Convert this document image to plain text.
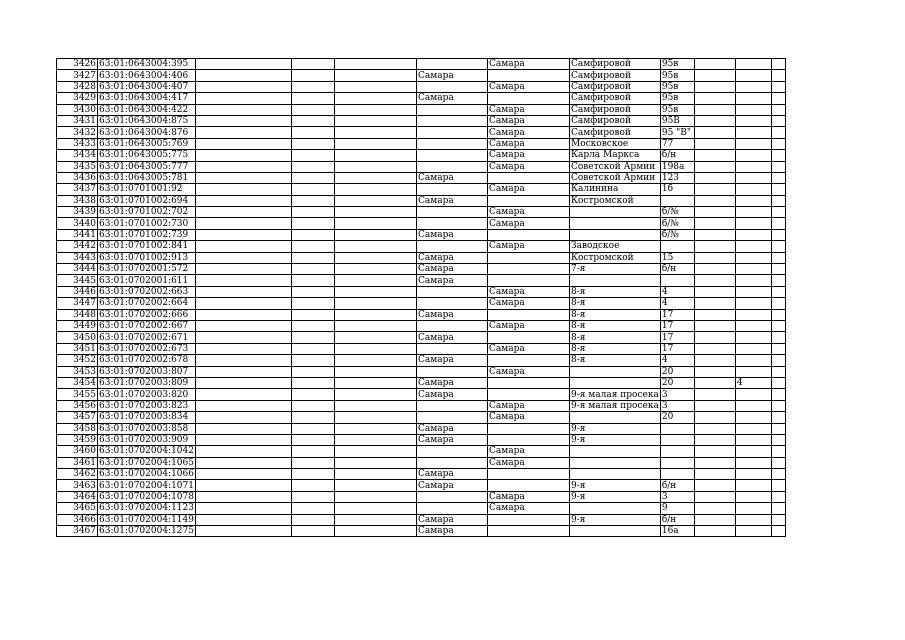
3426	63:01:0643004:395					Самара	Самфировой	95в			
3427	63:01:0643004:406				Самара		Самфировой	95в			
3428	63:01:0643004:407					Самара	Самфировой	95в			
3429	63:01:0643004:417				Самара		Самфировой	95в			
3430	63:01:0643004:422					Самара	Самфировой	95в			
3431	63:01:0643004:875					Самара	Самфировой	95В			
3432	63:01:0643004:876					Самара	Самфировой	95 "В"			
3433	63:01:0643005:769					Самара	Московское	77			
3434	63:01:0643005:775					Самара	Карла Маркса	б/н			
3435	63:01:0643005:777					Самара	Советской Армии	198а			
3436	63:01:0643005:781				Самара		Советской Армии	123			
3437	63:01:0701001:92					Самара	Калинина	1б			
3438	63:01:0701002:694				Самара		Костромской				
3439	63:01:0701002:702					Самара		б/№			
3440	63:01:0701002:730					Самара		б/№			
3441	63:01:0701002:739				Самара			б/№			
3442	63:01:0701002:841					Самара	Заводское				
3443	63:01:0701002:913				Самара		Костромской	15			
3444	63:01:0702001:572				Самара		7-я	б/н			
3445	63:01:0702001:611				Самара						
3446	63:01:0702002:663					Самара	8-я	4			
3447	63:01:0702002:664					Самара	8-я	4			
3448	63:01:0702002:666				Самара		8-я	17			
3449	63:01:0702002:667					Самара	8-я	17			
3450	63:01:0702002:671				Самара		8-я	17			
3451	63:01:0702002:673					Самара	8-я	17			
3452	63:01:0702002:678				Самара		8-я	4			
3453	63:01:0702003:807					Самара		20			
3454	63:01:0702003:809				Самара			20		4	
3455	63:01:0702003:820				Самара		9-я малая просека	3			
3456	63:01:0702003:823					Самара	9-я малая просека	3			
3457	63:01:0702003:834					Самара		20			
3458	63:01:0702003:858				Самара		9-я				
3459	63:01:0702003:909				Самара		9-я				
3460	63:01:0702004:1042					Самара					
3461	63:01:0702004:1065					Самара					
3462	63:01:0702004:1066				Самара						
3463	63:01:0702004:1071				Самара		9-я	б/н			
3464	63:01:0702004:1078					Самара	9-я	3			
3465	63:01:0702004:1123					Самара		9			
3466	63:01:0702004:1149				Самара		9-я	б/н			
3467	63:01:0702004:1275				Самара			16а			
